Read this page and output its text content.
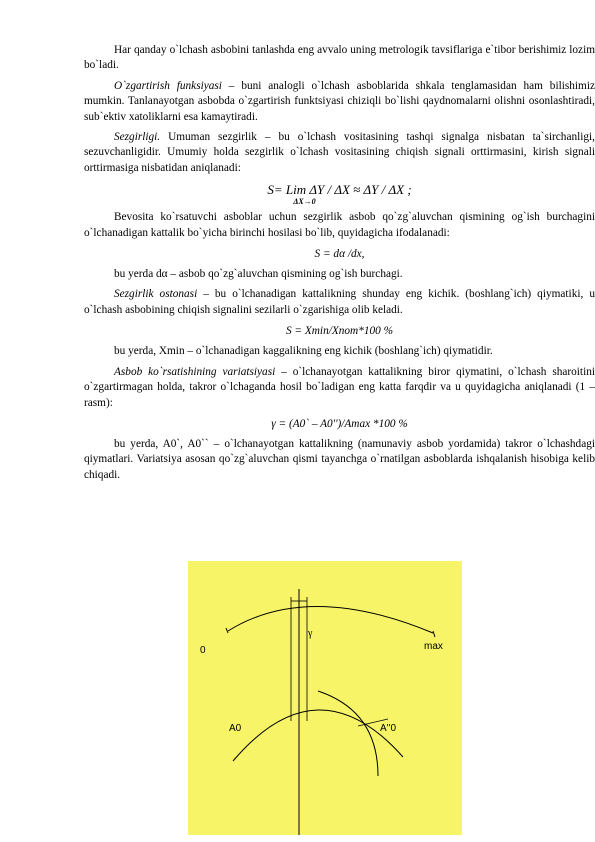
Har qanday o`lchash asbobini tanlashda eng avvalo uning metrologik tavsiflariga e`tibor berishimiz lozim bo`ladi.

O`zgartirish funksiyasi – buni analogli o`lchash asboblarida shkala tenglamasidan ham bilishimiz mumkin. Tanlanayotgan asbobda o`zgartirish funktsiyasi chiziqli bo`lishi qaydnomalarni olishni osonlashtiradi, sub`ektiv xatoliklarni esa kamaytiradi.

Sezgirligi. Umuman sezgirlik – bu o`lchash vositasining tashqi signalga nisbatan ta`sirchanligi, sezuvchanligidir. Umumiy holda sezgirlik o`lchash vositasining chiqish signali orttirmasini, kirish signali orttirmasiga nisbatidan aniqlanadi:

S= Lim ΔY / ΔX ≈ ΔY / ΔX ;
ΔX→0

Bevosita ko`rsatuvchi asboblar uchun sezgirlik asbob qo`zg`aluvchan qismining og`ish burchagini o`lchanadigan kattalik bo`yicha birinchi hosilasi bo`lib, quyidagicha ifodalanadi:

S = dα /dx,

bu yerda dα – asbob qo`zg`aluvchan qismining og`ish burchagi.

Sezgirlik ostonasi – bu o`lchanadigan kattalikning shunday eng kichik. (boshlang`ich) qiymatiki, u o`lchash asbobining chiqish signalini sezilarli o`zgarishiga olib keladi.

S = Xmin/Xnom*100 %

bu yerda, Xmin – o`lchanadigan kaggalikning eng kichik (boshlang`ich) qiymatidir.

Asbob ko`rsatishining variatsiyasi – o`lchanayotgan kattalikning biror qiymatini, o`lchash sharoitini o`zgartirmagan holda, takror o`lchaganda hosil bo`ladigan eng katta farqdir va u quyidagicha aniqlanadi (1 – rasm):

γ = (A0` – A0'')/Amax *100 %

bu yerda, A0`, A0`` – o`lchanayotgan kattalikning (namunaviy asbob yordamida) takror o`lchashdagi qiymatlari. Variatsiya asosan qo`zg`aluvchan qismi tayanchga o`rnatilgan asboblarda ishqalanish hisobiga kelib chiqadi.

0	max
γ
A0	A''0
